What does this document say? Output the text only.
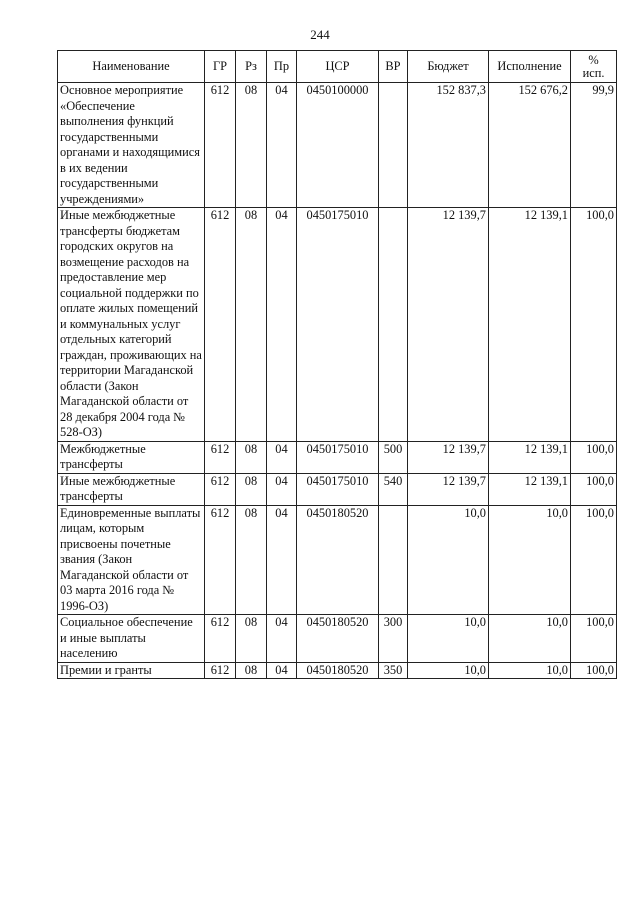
244
Наименование	ГР	Рз	Пр	ЦСР	ВР	Бюджет	Исполнение	%
исп.
Основное мероприятие «Обеспечение выполнения функций государственными органами и находящимися в их ведении государственными учреждениями»	612	08	04	0450100000		152 837,3	152 676,2	99,9
Иные межбюджетные трансферты бюджетам городских округов на возмещение расходов на предоставление мер социальной поддержки по оплате жилых помещений и коммунальных услуг отдельных категорий граждан, проживающих на территории Магаданской области (Закон Магаданской области от 28 декабря 2004 года № 528-ОЗ)	612	08	04	0450175010		12 139,7	12 139,1	100,0
Межбюджетные трансферты	612	08	04	0450175010	500	12 139,7	12 139,1	100,0
Иные межбюджетные трансферты	612	08	04	0450175010	540	12 139,7	12 139,1	100,0
Единовременные выплаты лицам, которым присвоены почетные звания (Закон Магаданской области от 03 марта 2016 года № 1996-ОЗ)	612	08	04	0450180520		10,0	10,0	100,0
Социальное обеспечение и иные выплаты населению	612	08	04	0450180520	300	10,0	10,0	100,0
Премии и гранты	612	08	04	0450180520	350	10,0	10,0	100,0
